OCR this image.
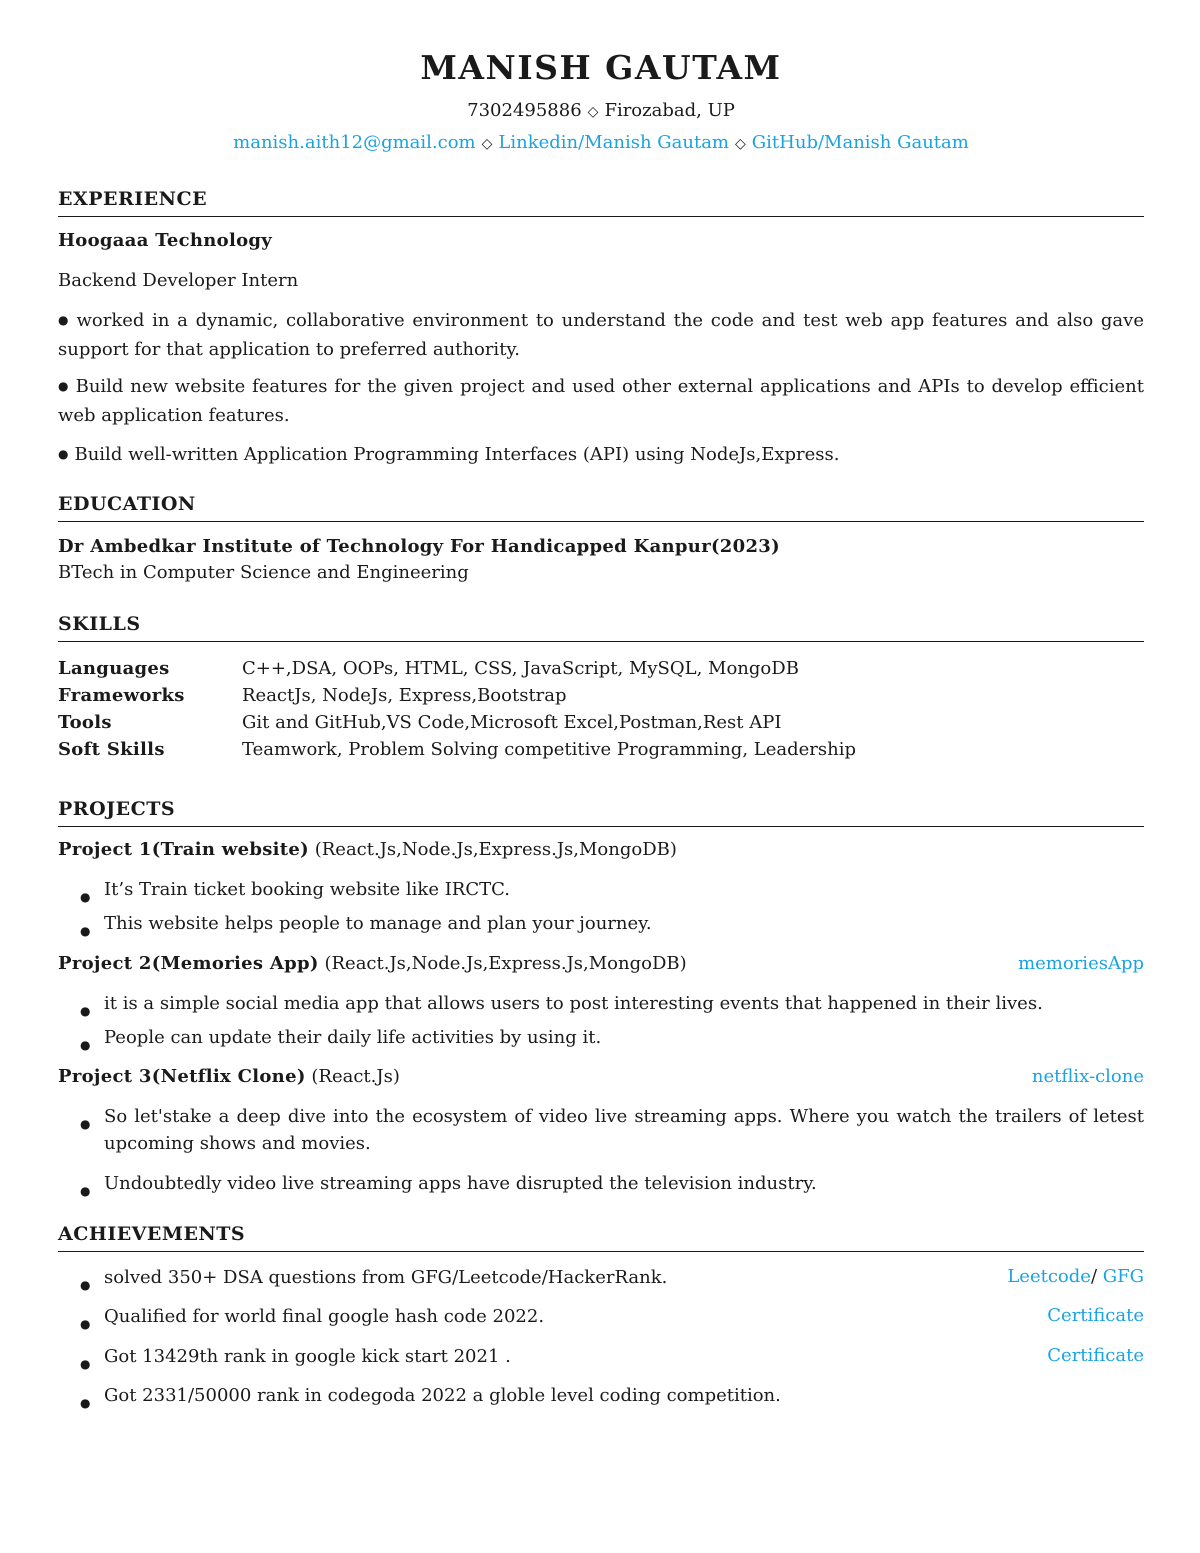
MANISH GAUTAM
7302495886 ◇ Firozabad, UP
manish.aith12@gmail.com ◇ Linkedin/Manish Gautam ◇ GitHub/Manish Gautam
EXPERIENCE
Hoogaaa Technology
Backend Developer Intern
● worked in a dynamic, collaborative environment to understand the code and test web app features and also gave support for that application to preferred authority.
● Build new website features for the given project and used other external applications and APIs to develop efficient web application features.
● Build well-written Application Programming Interfaces (API) using NodeJs,Express.
EDUCATION
Dr Ambedkar Institute of Technology For Handicapped Kanpur(2023)
BTech in Computer Science and Engineering
SKILLS
Languages	C++,DSA, OOPs, HTML, CSS, JavaScript, MySQL, MongoDB
Frameworks	ReactJs, NodeJs, Express,Bootstrap
Tools	Git and GitHub,VS Code,Microsoft Excel,Postman,Rest API
Soft Skills	Teamwork, Problem Solving competitive Programming, Leadership
PROJECTS
Project 1(Train website) (React.Js,Node.Js,Express.Js,MongoDB)
● It’s Train ticket booking website like IRCTC.
● This website helps people to manage and plan your journey.
Project 2(Memories App) (React.Js,Node.Js,Express.Js,MongoDB)	memoriesApp
● it is a simple social media app that allows users to post interesting events that happened in their lives.
● People can update their daily life activities by using it.
Project 3(Netflix Clone) (React.Js)	netflix-clone
● So let'stake a deep dive into the ecosystem of video live streaming apps. Where you watch the trailers of letest upcoming shows and movies.
● Undoubtedly video live streaming apps have disrupted the television industry.
ACHIEVEMENTS
● solved 350+ DSA questions from GFG/Leetcode/HackerRank.	Leetcode/ GFG
● Qualified for world final google hash code 2022.	Certificate
● Got 13429th rank in google kick start 2021 .	Certificate
● Got 2331/50000 rank in codegoda 2022 a globle level coding competition.
